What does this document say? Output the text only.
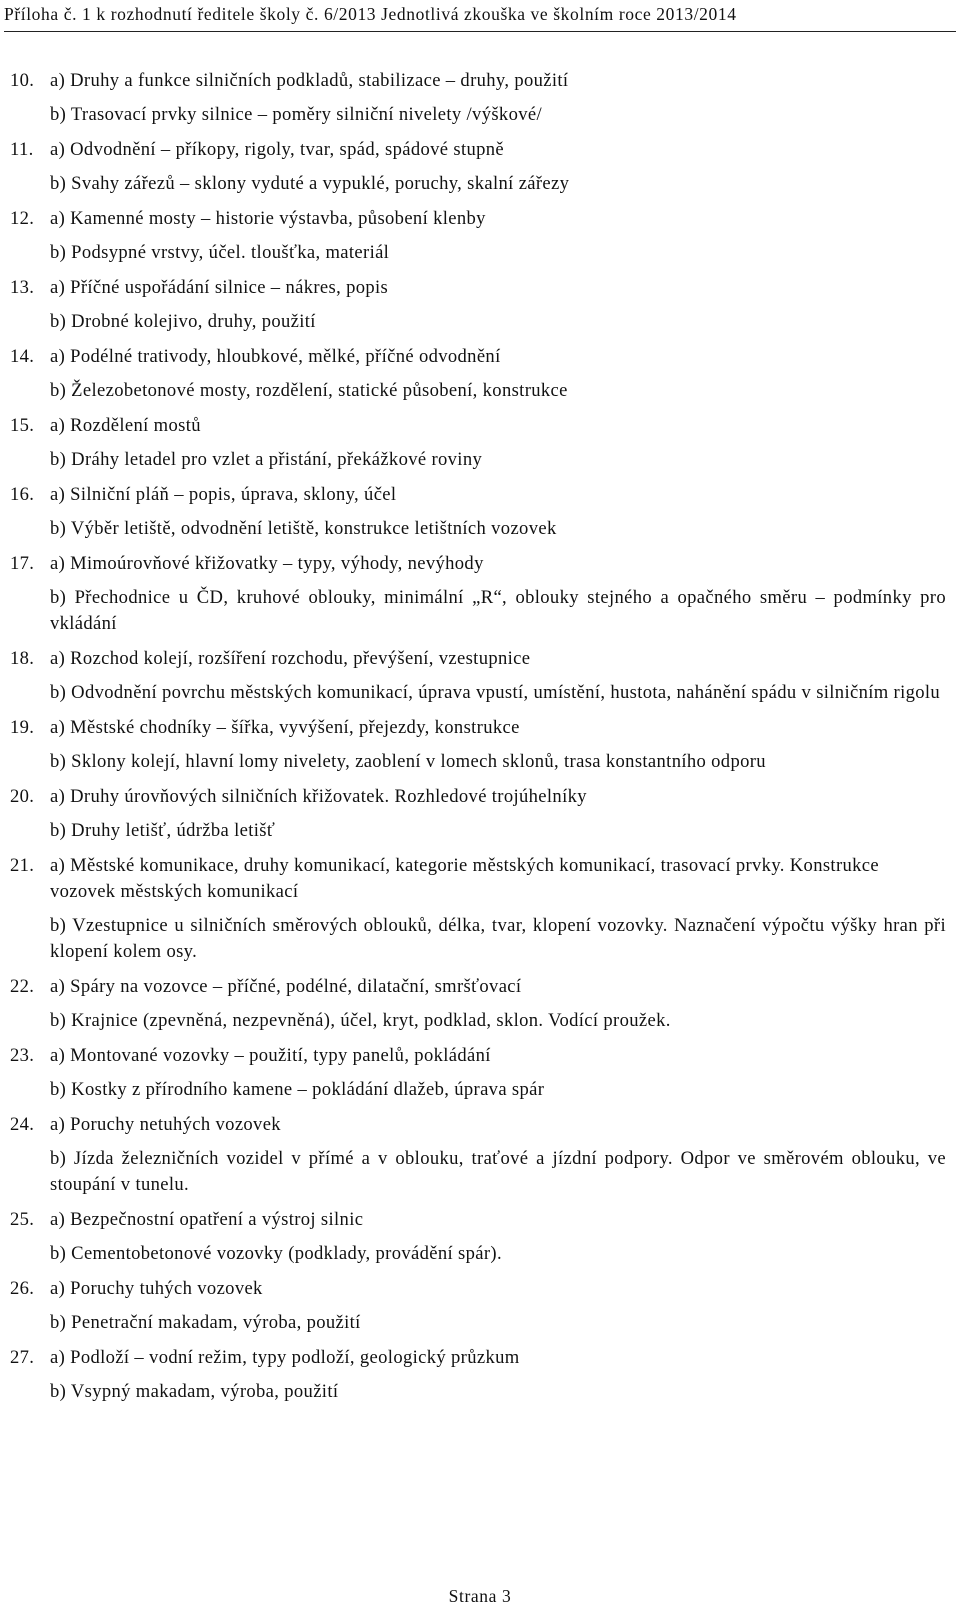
Příloha č. 1 k rozhodnutí ředitele školy č. 6/2013 Jednotlivá zkouška ve školním roce 2013/2014
10. a) Druhy a funkce silničních podkladů, stabilizace – druhy, použití
b) Trasovací prvky silnice – poměry silniční nivelety /výškové/
11. a) Odvodnění – příkopy, rigoly, tvar, spád, spádové stupně
b) Svahy zářezů – sklony vyduté a vypuklé, poruchy, skalní zářezy
12. a) Kamenné mosty – historie výstavba, působení klenby
b) Podsypné vrstvy, účel. tloušťka, materiál
13. a) Příčné uspořádání silnice – nákres, popis
b) Drobné kolejivo, druhy, použití
14. a) Podélné trativody, hloubkové, mělké, příčné odvodnění
b) Železobetonové mosty, rozdělení, statické působení, konstrukce
15. a) Rozdělení mostů
b) Dráhy letadel pro vzlet a přistání, překážkové roviny
16. a) Silniční pláň – popis, úprava, sklony, účel
b) Výběr letiště, odvodnění letiště, konstrukce letištních vozovek
17. a) Mimoúrovňové křižovatky – typy, výhody, nevýhody
b) Přechodnice u ČD, kruhové oblouky, minimální „R“, oblouky stejného a opačného směru – podmínky pro vkládání
18. a) Rozchod kolejí, rozšíření rozchodu, převýšení, vzestupnice
b) Odvodnění povrchu městských komunikací, úprava vpustí, umístění, hustota, nahánění spádu v silničním rigolu
19. a) Městské chodníky – šířka, vyvýšení, přejezdy, konstrukce
b) Sklony kolejí, hlavní lomy nivelety, zaoblení v lomech sklonů, trasa konstantního odporu
20. a) Druhy úrovňových silničních křižovatek. Rozhledové trojúhelníky
b) Druhy letišť, údržba letišť
21. a) Městské komunikace, druhy komunikací, kategorie městských komunikací, trasovací prvky. Konstrukce vozovek městských komunikací
b) Vzestupnice u silničních směrových oblouků, délka, tvar, klopení vozovky. Naznačení výpočtu výšky hran při klopení kolem osy.
22. a) Spáry na vozovce – příčné, podélné, dilatační, smršťovací
b) Krajnice (zpevněná, nezpevněná), účel, kryt, podklad, sklon. Vodící proužek.
23. a) Montované vozovky – použití, typy panelů, pokládání
b) Kostky z přírodního kamene – pokládání dlažeb, úprava spár
24. a) Poruchy netuhých vozovek
b) Jízda železničních vozidel v přímé a v oblouku, traťové a jízdní podpory. Odpor ve směrovém oblouku, ve stoupání v tunelu.
25. a) Bezpečnostní opatření a výstroj silnic
b) Cementobetonové vozovky (podklady, provádění spár).
26. a) Poruchy tuhých vozovek
b) Penetrační makadam, výroba, použití
27. a) Podloží – vodní režim, typy podloží, geologický průzkum
b) Vsypný makadam, výroba, použití
Strana 3
